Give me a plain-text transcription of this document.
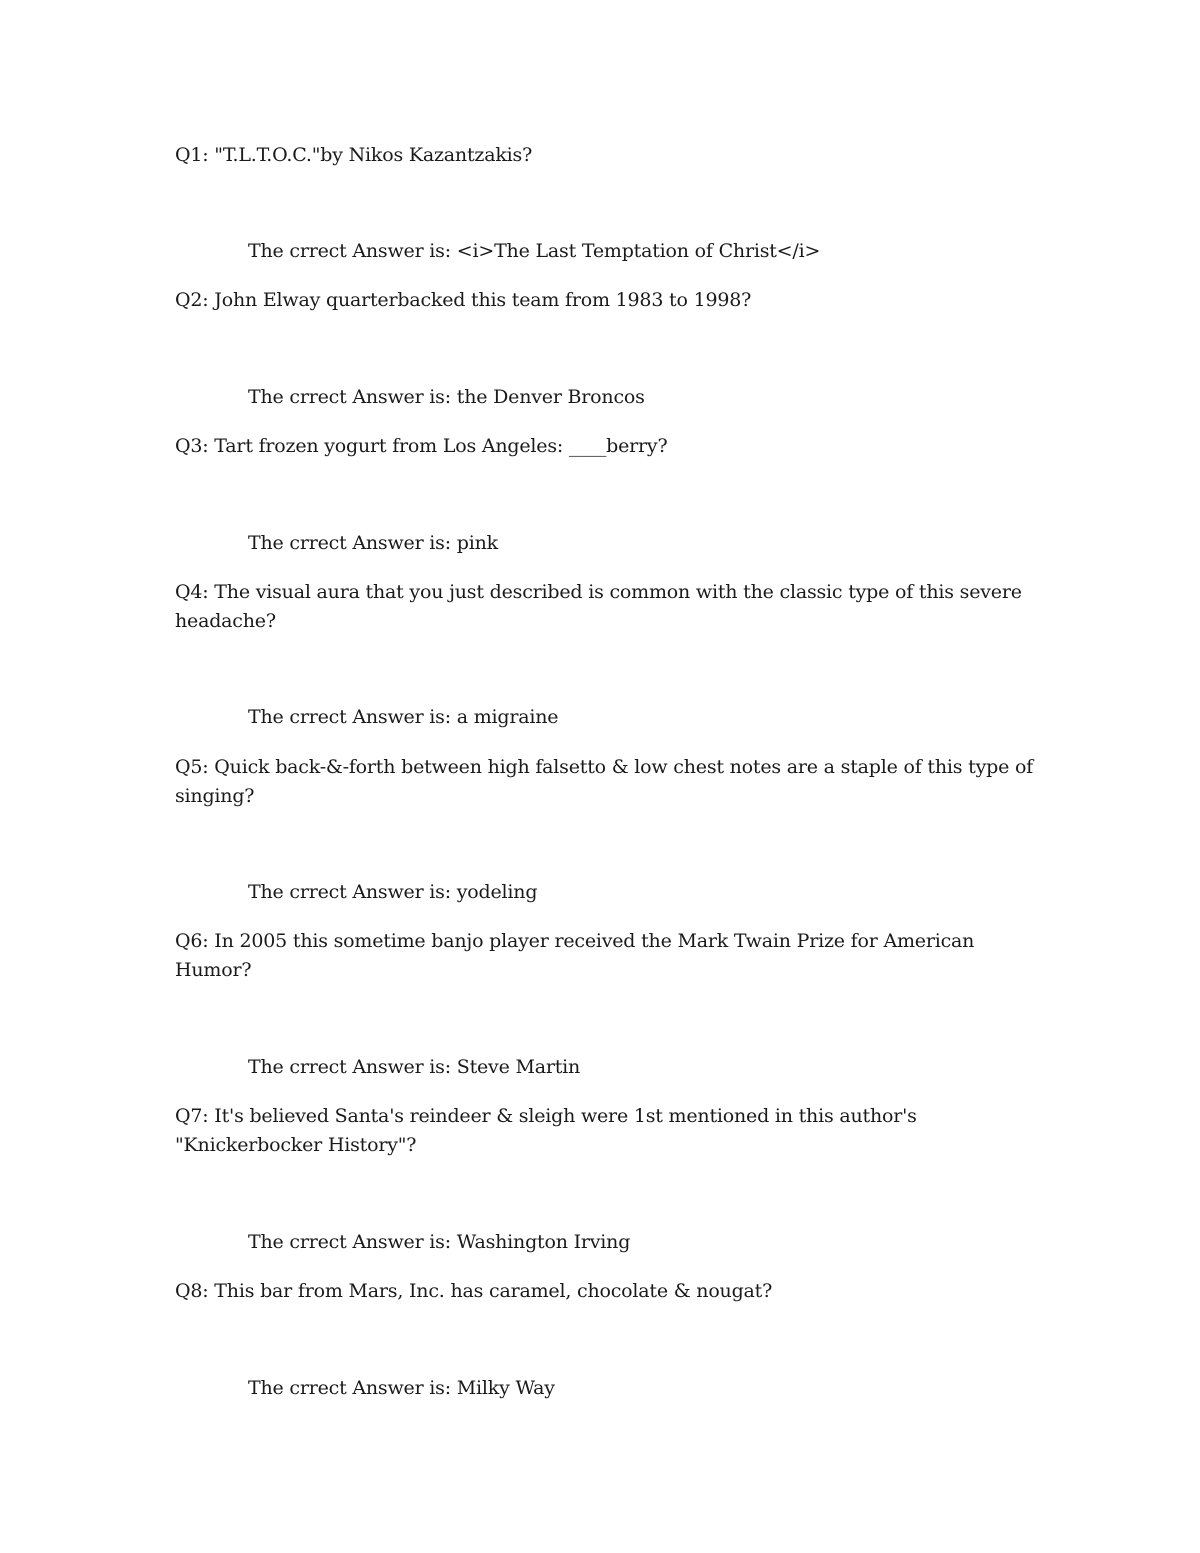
Q1: "T.L.T.O.C."by Nikos Kazantzakis?
The crrect Answer is: <i>The Last Temptation of Christ</i>
Q2: John Elway quarterbacked this team from 1983 to 1998?
The crrect Answer is: the Denver Broncos
Q3: Tart frozen yogurt from Los Angeles: ____berry?
The crrect Answer is: pink
Q4: The visual aura that you just described is common with the classic type of this severe
headache?
The crrect Answer is: a migraine
Q5: Quick back-&-forth between high falsetto & low chest notes are a staple of this type of
singing?
The crrect Answer is: yodeling
Q6: In 2005 this sometime banjo player received the Mark Twain Prize for American
Humor?
The crrect Answer is: Steve Martin
Q7: It's believed Santa's reindeer & sleigh were 1st mentioned in this author's
"Knickerbocker History"?
The crrect Answer is: Washington Irving
Q8: This bar from Mars, Inc. has caramel, chocolate & nougat?
The crrect Answer is: Milky Way
